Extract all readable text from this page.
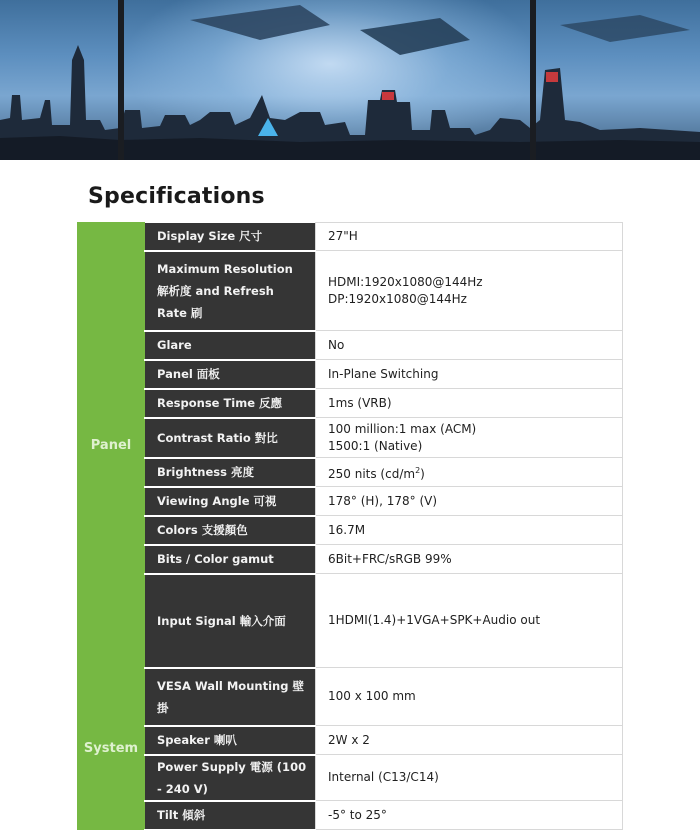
Specifications
Panel	Display Size 尺寸	27"H
	Maximum Resolution 解析度 and Refresh Rate 刷	HDMI:1920x1080@144Hz
DP:1920x1080@144Hz

	Glare	No
	Panel 面板	In-Plane Switching
	Response Time 反應	1ms (VRB)
	Contrast Ratio 對比	100 million:1 max (ACM)
1500:1 (Native)

	Brightness 亮度	250 nits $(cd/m^2)$
	Viewing Angle 可視	178° (H), 178° (V)
	Colors 支援顏色	16.7M
	Bits / Color gamut	6Bit+FRC/sRGB 99%
	Input Signal 輸入介面	1HDMI(1.4)+1VGA+SPK+Audio out
System	VESA Wall Mounting 壁掛	100 x 100 mm
	Speaker 喇叭	2W x 2
	Power Supply 電源 (100 - 240 V)	Internal (C13/C14)
	Tilt 傾斜	-5° to 25°
